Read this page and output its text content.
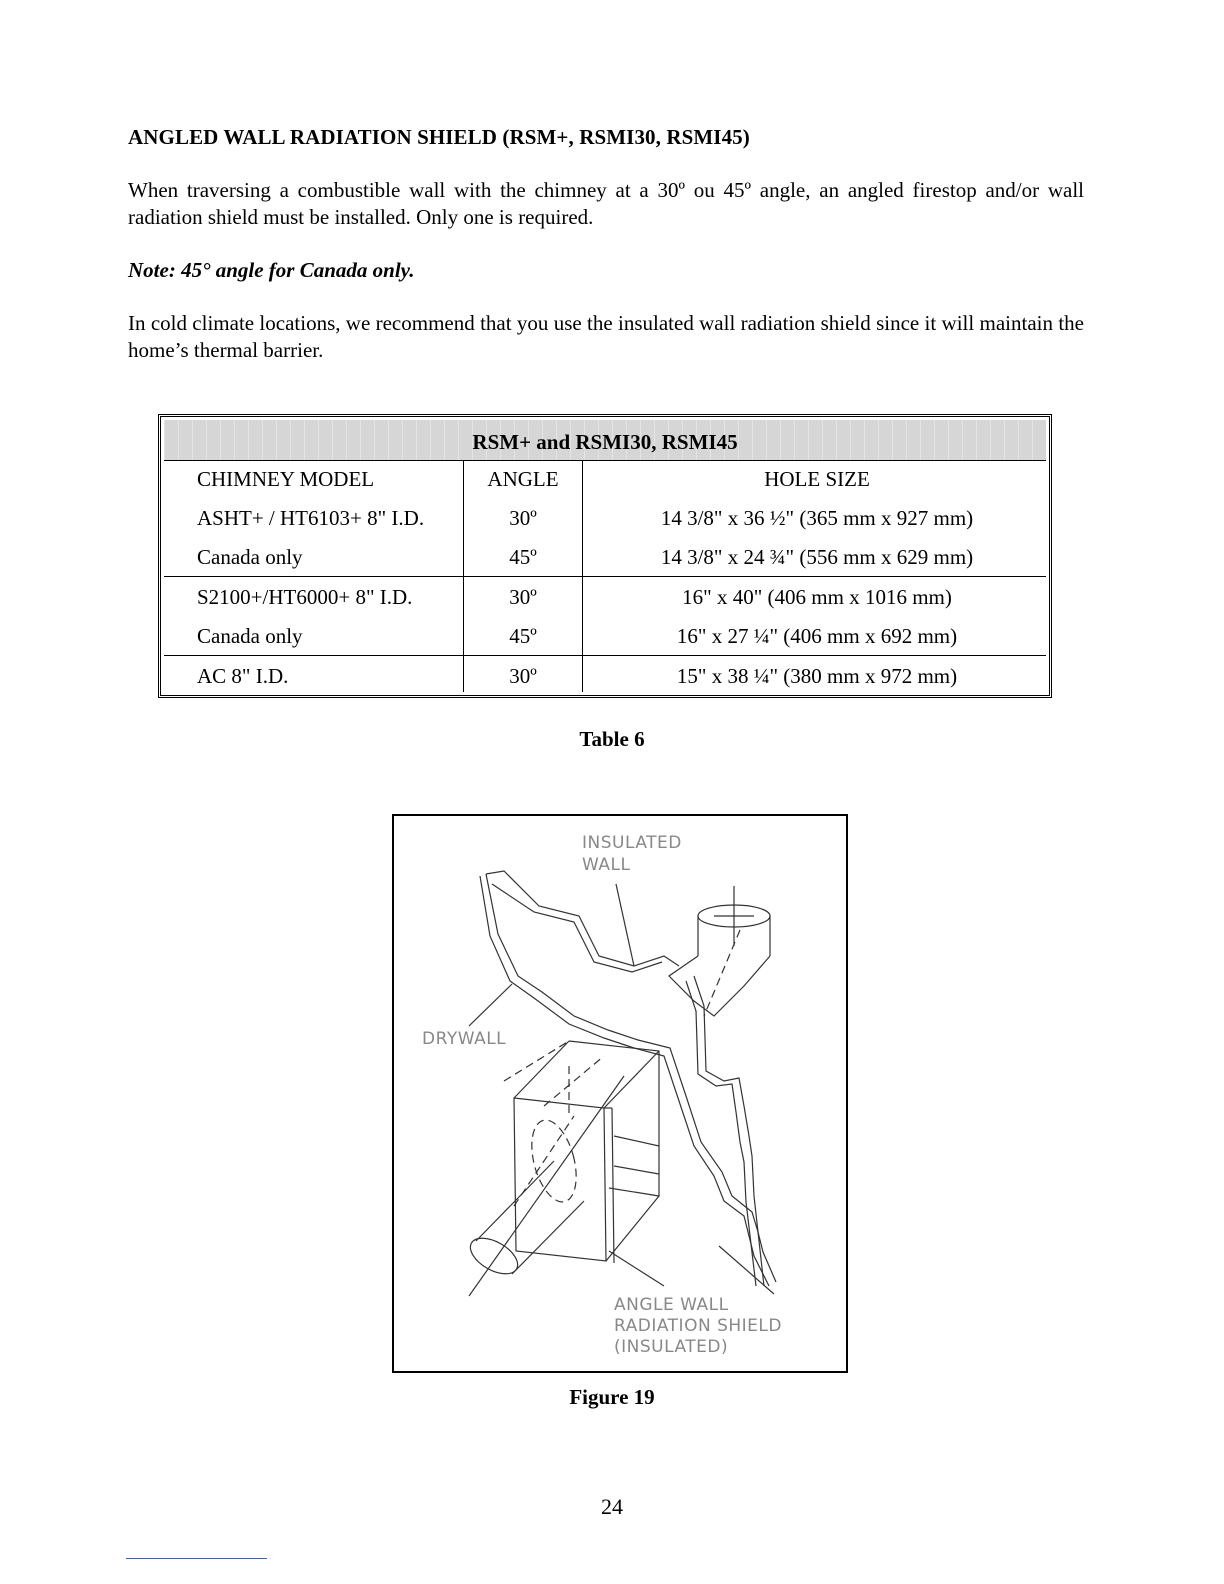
ANGLED WALL RADIATION SHIELD (RSM+, RSMI30, RSMI45)
When traversing a combustible wall with the chimney at a 30º ou 45º angle, an angled firestop and/or wall radiation shield must be installed. Only one is required.
Note: 45° angle for Canada only.
In cold climate locations, we recommend that you use the insulated wall radiation shield since it will maintain the home’s thermal barrier.
RSM+ and RSMI30, RSMI45
CHIMNEY MODEL	ANGLE	HOLE SIZE
ASHT+ / HT6103+ 8" I.D.	30º	14 3/8" x 36 ½" (365 mm x 927 mm)
Canada only	45º	14 3/8" x 24 ¾" (556 mm x 629 mm)
S2100+/HT6000+ 8" I.D.	30º	16" x 40" (406 mm x 1016 mm)
Canada only	45º	16" x 27 ¼" (406 mm x 692 mm)
AC 8" I.D.	30º	15" x 38 ¼" (380 mm x 972 mm)
Table 6
INSULATED
WALL
DRYWALL
ANGLE WALL
RADIATION SHIELD
(INSULATED)
Figure 19
24
